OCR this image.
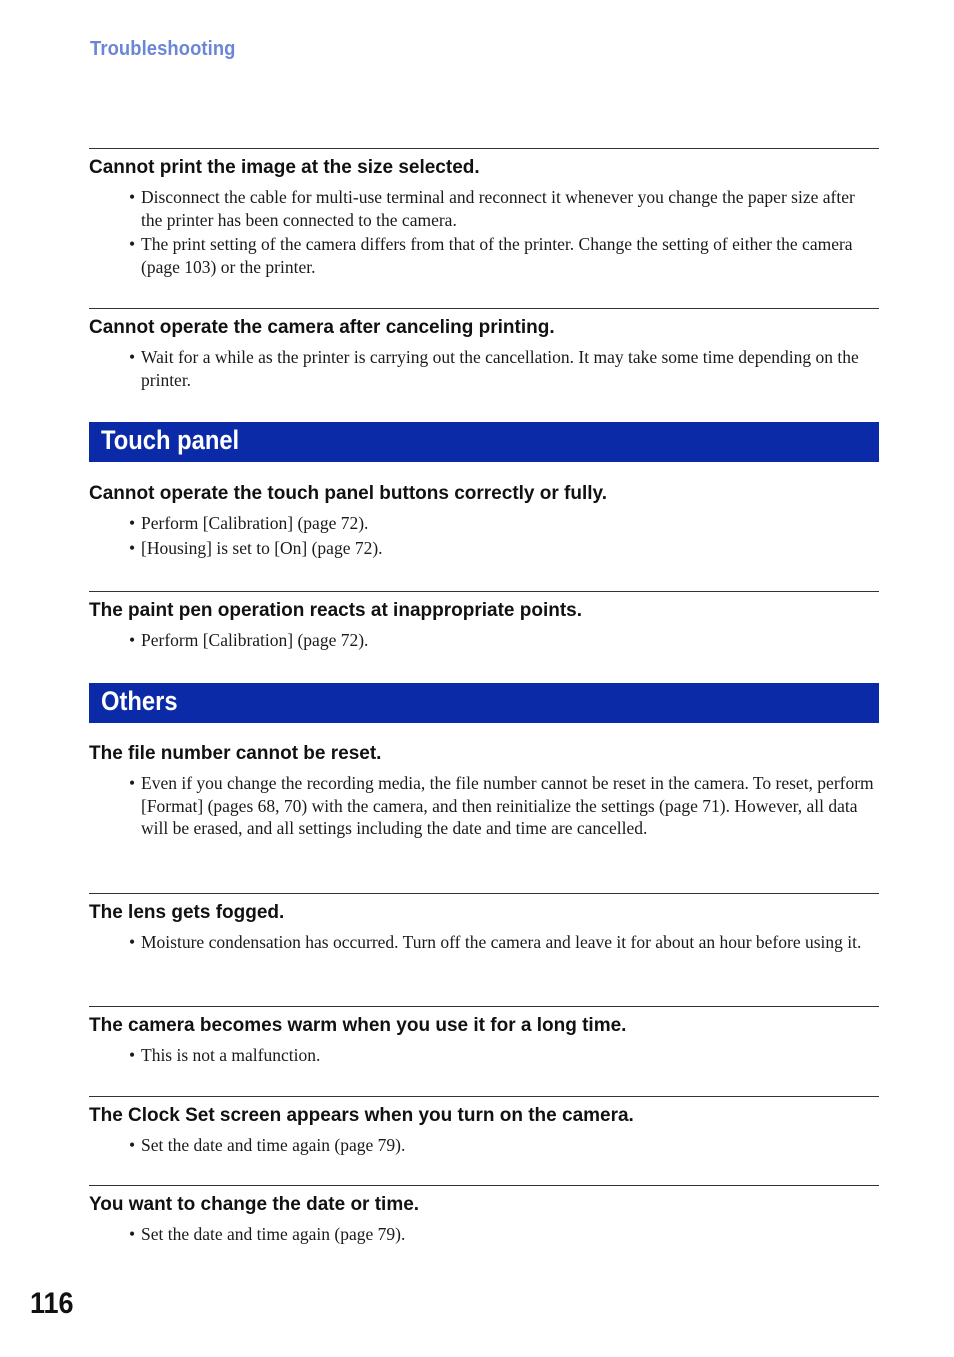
Troubleshooting

Cannot print the image at the size selected.

• Disconnect the cable for multi-use terminal and reconnect it whenever you change the paper size after the printer has been connected to the camera.
• The print setting of the camera differs from that of the printer. Change the setting of either the camera (page 103) or the printer.

Cannot operate the camera after canceling printing.

• Wait for a while as the printer is carrying out the cancellation. It may take some time depending on the printer.
Touch panel

Cannot operate the touch panel buttons correctly or fully.

• Perform [Calibration] (page 72).
• [Housing] is set to [On] (page 72).

The paint pen operation reacts at inappropriate points.

• Perform [Calibration] (page 72).
Others

The file number cannot be reset.

• Even if you change the recording media, the file number cannot be reset in the camera. To reset, perform [Format] (pages 68, 70) with the camera, and then reinitialize the settings (page 71). However, all data will be erased, and all settings including the date and time are cancelled.

The lens gets fogged.

• Moisture condensation has occurred. Turn off the camera and leave it for about an hour before using it.

The camera becomes warm when you use it for a long time.

• This is not a malfunction.

The Clock Set screen appears when you turn on the camera.

• Set the date and time again (page 79).

You want to change the date or time.

• Set the date and time again (page 79).
116
